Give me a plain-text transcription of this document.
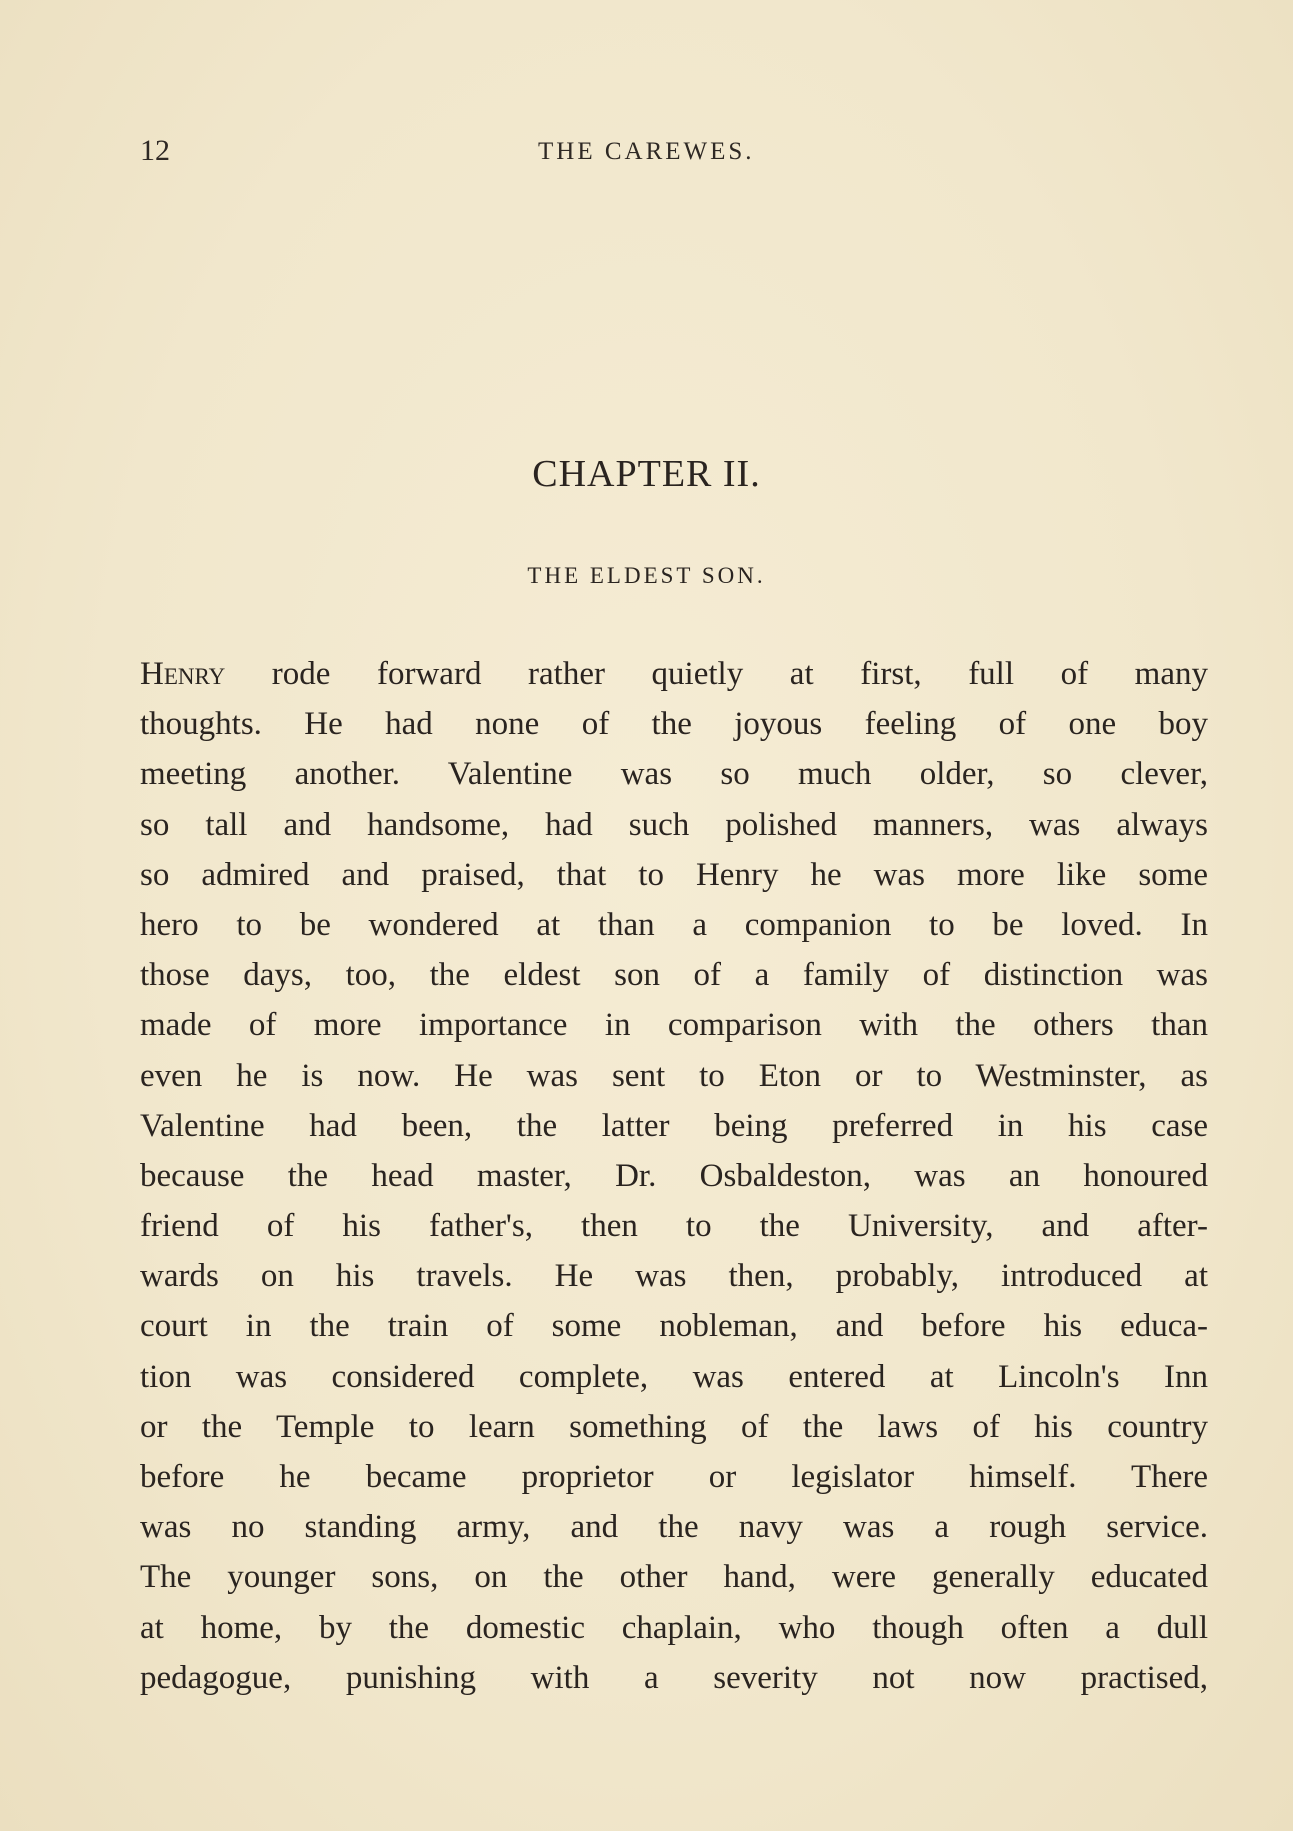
12	THE CAREWES.
CHAPTER II.
THE ELDEST SON.
Henry rode forward rather quietly at first, full of many
thoughts. He had none of the joyous feeling of one boy
meeting another. Valentine was so much older, so clever,
so tall and handsome, had such polished manners, was always
so admired and praised, that to Henry he was more like some
hero to be wondered at than a companion to be loved. In
those days, too, the eldest son of a family of distinction was
made of more importance in comparison with the others than
even he is now. He was sent to Eton or to Westminster, as
Valentine had been, the latter being preferred in his case
because the head master, Dr. Osbaldeston, was an honoured
friend of his father's, then to the University, and after-
wards on his travels. He was then, probably, introduced at
court in the train of some nobleman, and before his educa-
tion was considered complete, was entered at Lincoln's Inn
or the Temple to learn something of the laws of his country
before he became proprietor or legislator himself. There
was no standing army, and the navy was a rough service.
The younger sons, on the other hand, were generally educated
at home, by the domestic chaplain, who though often a dull
pedagogue, punishing with a severity not now practised,
